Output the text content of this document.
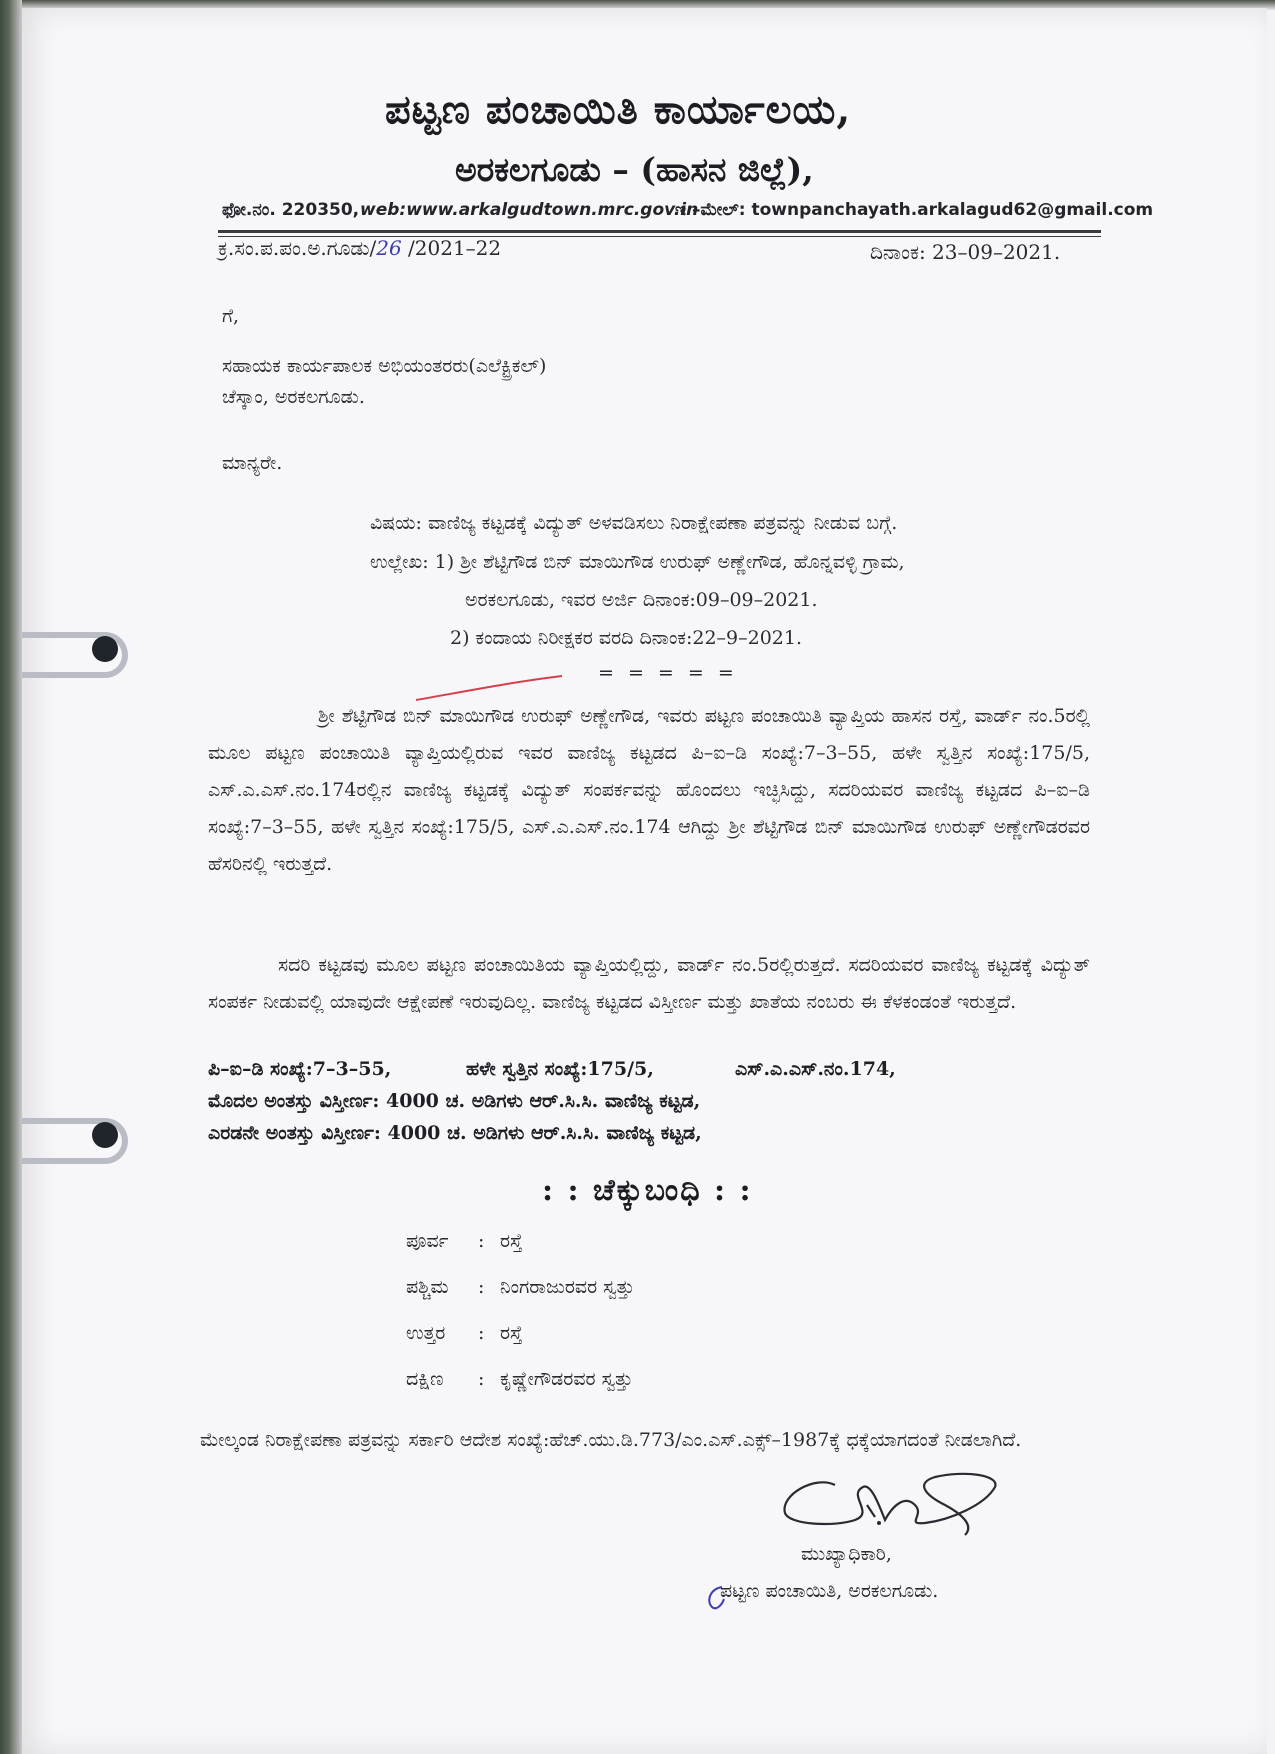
ಪಟ್ಟಣ ಪಂಚಾಯಿತಿ ಕಾರ್ಯಾಲಯ,
ಅರಕಲಗೂಡು – (ಹಾಸನ ಜಿಲ್ಲೆ),
ಫೋ.ನಂ. 220350, web:www.arkalgudtown.mrc.gov.in
ಇ –ಮೇಲ್: townpanchayath.arkalagud62@gmail.com
ಕ್ರ.ಸಂ.ಪ.ಪಂ.ಅ.ಗೂಡು/26 /2021–22	ದಿನಾಂಕ: 23–09–2021.
ಗೆ,
ಸಹಾಯಕ ಕಾರ್ಯಪಾಲಕ ಅಭಿಯಂತರರು(ಎಲೆಕ್ಟ್ರಿಕಲ್)
ಚೆಸ್ಕಾಂ, ಅರಕಲಗೂಡು.
ಮಾನ್ಯರೇ.
ವಿಷಯ: ವಾಣಿಜ್ಯ ಕಟ್ಟಡಕ್ಕೆ ವಿದ್ಯುತ್ ಅಳವಡಿಸಲು ನಿರಾಕ್ಷೇಪಣಾ ಪತ್ರವನ್ನು ನೀಡುವ ಬಗ್ಗೆ.
ಉಲ್ಲೇಖ: 1) ಶ್ರೀ ಶೆಟ್ಟಿಗೌಡ ಬಿನ್ ಮಾಯಿಗೌಡ ಉರುಫ್ ಅಣ್ಣೇಗೌಡ, ಹೊನ್ನವಳ್ಳಿ ಗ್ರಾಮ,
ಅರಕಲಗೂಡು, ಇವರ ಅರ್ಜಿ ದಿನಾಂಕ:09–09–2021.
2) ಕಂದಾಯ ನಿರೀಕ್ಷಕರ ವರದಿ ದಿನಾಂಕ:22–9–2021.
= = = = =
ಶ್ರೀ ಶೆಟ್ಟಿಗೌಡ ಬಿನ್ ಮಾಯಿಗೌಡ ಉರುಫ್ ಅಣ್ಣೇಗೌಡ, ಇವರು ಪಟ್ಟಣ ಪಂಚಾಯಿತಿ ವ್ಯಾಪ್ತಿಯ ಹಾಸನ ರಸ್ತೆ, ವಾರ್ಡ್ ನಂ.5ರಲ್ಲಿ ಮೂಲ ಪಟ್ಟಣ ಪಂಚಾಯಿತಿ ವ್ಯಾಪ್ತಿಯಲ್ಲಿರುವ ಇವರ ವಾಣಿಜ್ಯ ಕಟ್ಟಡದ ಪಿ–ಐ–ಡಿ ಸಂಖ್ಯೆ:7–3–55, ಹಳೇ ಸ್ವತ್ತಿನ ಸಂಖ್ಯೆ:175/5, ಎಸ್.ಎ.ಎಸ್.ನಂ.174ರಲ್ಲಿನ ವಾಣಿಜ್ಯ ಕಟ್ಟಡಕ್ಕೆ ವಿದ್ಯುತ್ ಸಂಪರ್ಕವನ್ನು ಹೊಂದಲು ಇಚ್ಛಿಸಿದ್ದು, ಸದರಿಯವರ ವಾಣಿಜ್ಯ ಕಟ್ಟಡದ ಪಿ–ಐ–ಡಿ ಸಂಖ್ಯೆ:7–3–55, ಹಳೇ ಸ್ವತ್ತಿನ ಸಂಖ್ಯೆ:175/5, ಎಸ್.ಎ.ಎಸ್.ನಂ.174 ಆಗಿದ್ದು ಶ್ರೀ ಶೆಟ್ಟಿಗೌಡ ಬಿನ್ ಮಾಯಿಗೌಡ ಉರುಫ್ ಅಣ್ಣೇಗೌಡರವರ ಹೆಸರಿನಲ್ಲಿ ಇರುತ್ತದೆ.
ಸದರಿ ಕಟ್ಟಡವು ಮೂಲ ಪಟ್ಟಣ ಪಂಚಾಯಿತಿಯ ವ್ಯಾಪ್ತಿಯಲ್ಲಿದ್ದು, ವಾರ್ಡ್ ನಂ.5ರಲ್ಲಿರುತ್ತದೆ. ಸದರಿಯವರ ವಾಣಿಜ್ಯ ಕಟ್ಟಡಕ್ಕೆ ವಿದ್ಯುತ್ ಸಂಪರ್ಕ ನೀಡುವಲ್ಲಿ ಯಾವುದೇ ಆಕ್ಷೇಪಣೆ ಇರುವುದಿಲ್ಲ. ವಾಣಿಜ್ಯ ಕಟ್ಟಡದ ವಿಸ್ತೀರ್ಣ ಮತ್ತು ಖಾತೆಯ ನಂಬರು ಈ ಕೆಳಕಂಡಂತೆ ಇರುತ್ತದೆ.
ಪಿ–ಐ–ಡಿ ಸಂಖ್ಯೆ:7–3–55,	ಹಳೇ ಸ್ವತ್ತಿನ ಸಂಖ್ಯೆ:175/5,	ಎಸ್.ಎ.ಎಸ್.ನಂ.174,
ಮೊದಲ ಅಂತಸ್ತು ವಿಸ್ತೀರ್ಣ: 4000 ಚ. ಅಡಿಗಳು ಆರ್.ಸಿ.ಸಿ. ವಾಣಿಜ್ಯ ಕಟ್ಟಡ,
ಎರಡನೇ ಅಂತಸ್ತು ವಿಸ್ತೀರ್ಣ: 4000 ಚ. ಅಡಿಗಳು ಆರ್.ಸಿ.ಸಿ. ವಾಣಿಜ್ಯ ಕಟ್ಟಡ,
: : ಚೆಕ್ಕುಬಂಧಿ : :
ಪೂರ್ವ : ರಸ್ತೆ
ಪಶ್ಚಿಮ : ನಿಂಗರಾಜುರವರ ಸ್ವತ್ತು
ಉತ್ತರ : ರಸ್ತೆ
ದಕ್ಷಿಣ : ಕೃಷ್ಣೇಗೌಡರವರ ಸ್ವತ್ತು
ಮೇಲ್ಕಂಡ ನಿರಾಕ್ಷೇಪಣಾ ಪತ್ರವನ್ನು ಸರ್ಕಾರಿ ಆದೇಶ ಸಂಖ್ಯೆ:ಹೆಚ್.ಯು.ಡಿ.773/ಎಂ.ಎಸ್.ಎಕ್ಸ್–1987ಕ್ಕೆ ಧಕ್ಕೆಯಾಗದಂತೆ ನೀಡಲಾಗಿದೆ.
ಮುಖ್ಯಾಧಿಕಾರಿ,
ಪಟ್ಟಣ ಪಂಚಾಯಿತಿ, ಅರಕಲಗೂಡು.
